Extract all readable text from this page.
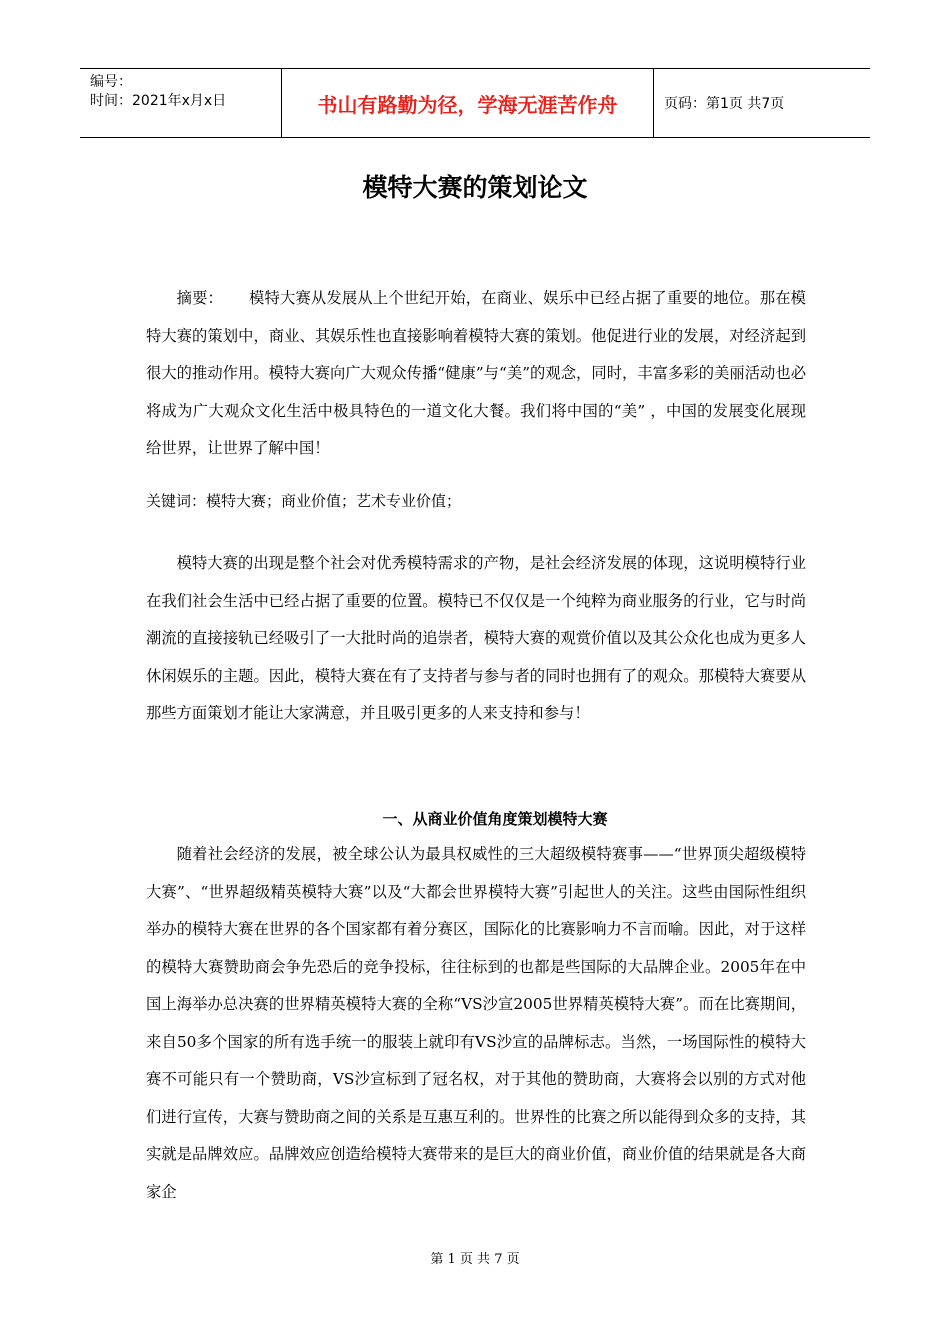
编号：
时间：2021年x月x日	书山有路勤为径，学海无涯苦作舟	页码：第1页 共7页
模特大赛的策划论文

摘要： 模特大赛从发展从上个世纪开始，在商业、娱乐中已经占据了重要的地位。那在模特大赛的策划中，商业、其娱乐性也直接影响着模特大赛的策划。他促进行业的发展，对经济起到很大的推动作用。模特大赛向广大观众传播“健康”与“美”的观念，同时，丰富多彩的美丽活动也必将成为广大观众文化生活中极具特色的一道文化大餐。我们将中国的“美” ，中国的发展变化展现给世界，让世界了解中国！

关键词：模特大赛；商业价值；艺术专业价值；

模特大赛的出现是整个社会对优秀模特需求的产物，是社会经济发展的体现，这说明模特行业在我们社会生活中已经占据了重要的位置。模特已不仅仅是一个纯粹为商业服务的行业，它与时尚潮流的直接接轨已经吸引了一大批时尚的追崇者，模特大赛的观赏价值以及其公众化也成为更多人休闲娱乐的主题。因此，模特大赛在有了支持者与参与者的同时也拥有了的观众。那模特大赛要从那些方面策划才能让大家满意，并且吸引更多的人来支持和参与！

一、从商业价值角度策划模特大赛

随着社会经济的发展，被全球公认为最具权威性的三大超级模特赛事——“世界顶尖超级模特大赛”、“世界超级精英模特大赛”以及“大都会世界模特大赛”引起世人的关注。这些由国际性组织举办的模特大赛在世界的各个国家都有着分赛区，国际化的比赛影响力不言而喻。因此，对于这样的模特大赛赞助商会争先恐后的竞争投标，往往标到的也都是些国际的大品牌企业。2005年在中国上海举办总决赛的世界精英模特大赛的全称“VS沙宣2005世界精英模特大赛”。而在比赛期间，来自50多个国家的所有选手统一的服装上就印有VS沙宣的品牌标志。当然，一场国际性的模特大赛不可能只有一个赞助商，VS沙宣标到了冠名权，对于其他的赞助商，大赛将会以别的方式对他们进行宣传，大赛与赞助商之间的关系是互惠互利的。世界性的比赛之所以能得到众多的支持，其实就是品牌效应。品牌效应创造给模特大赛带来的是巨大的商业价值，商业价值的结果就是各大商家企

第 1 页 共 7 页
